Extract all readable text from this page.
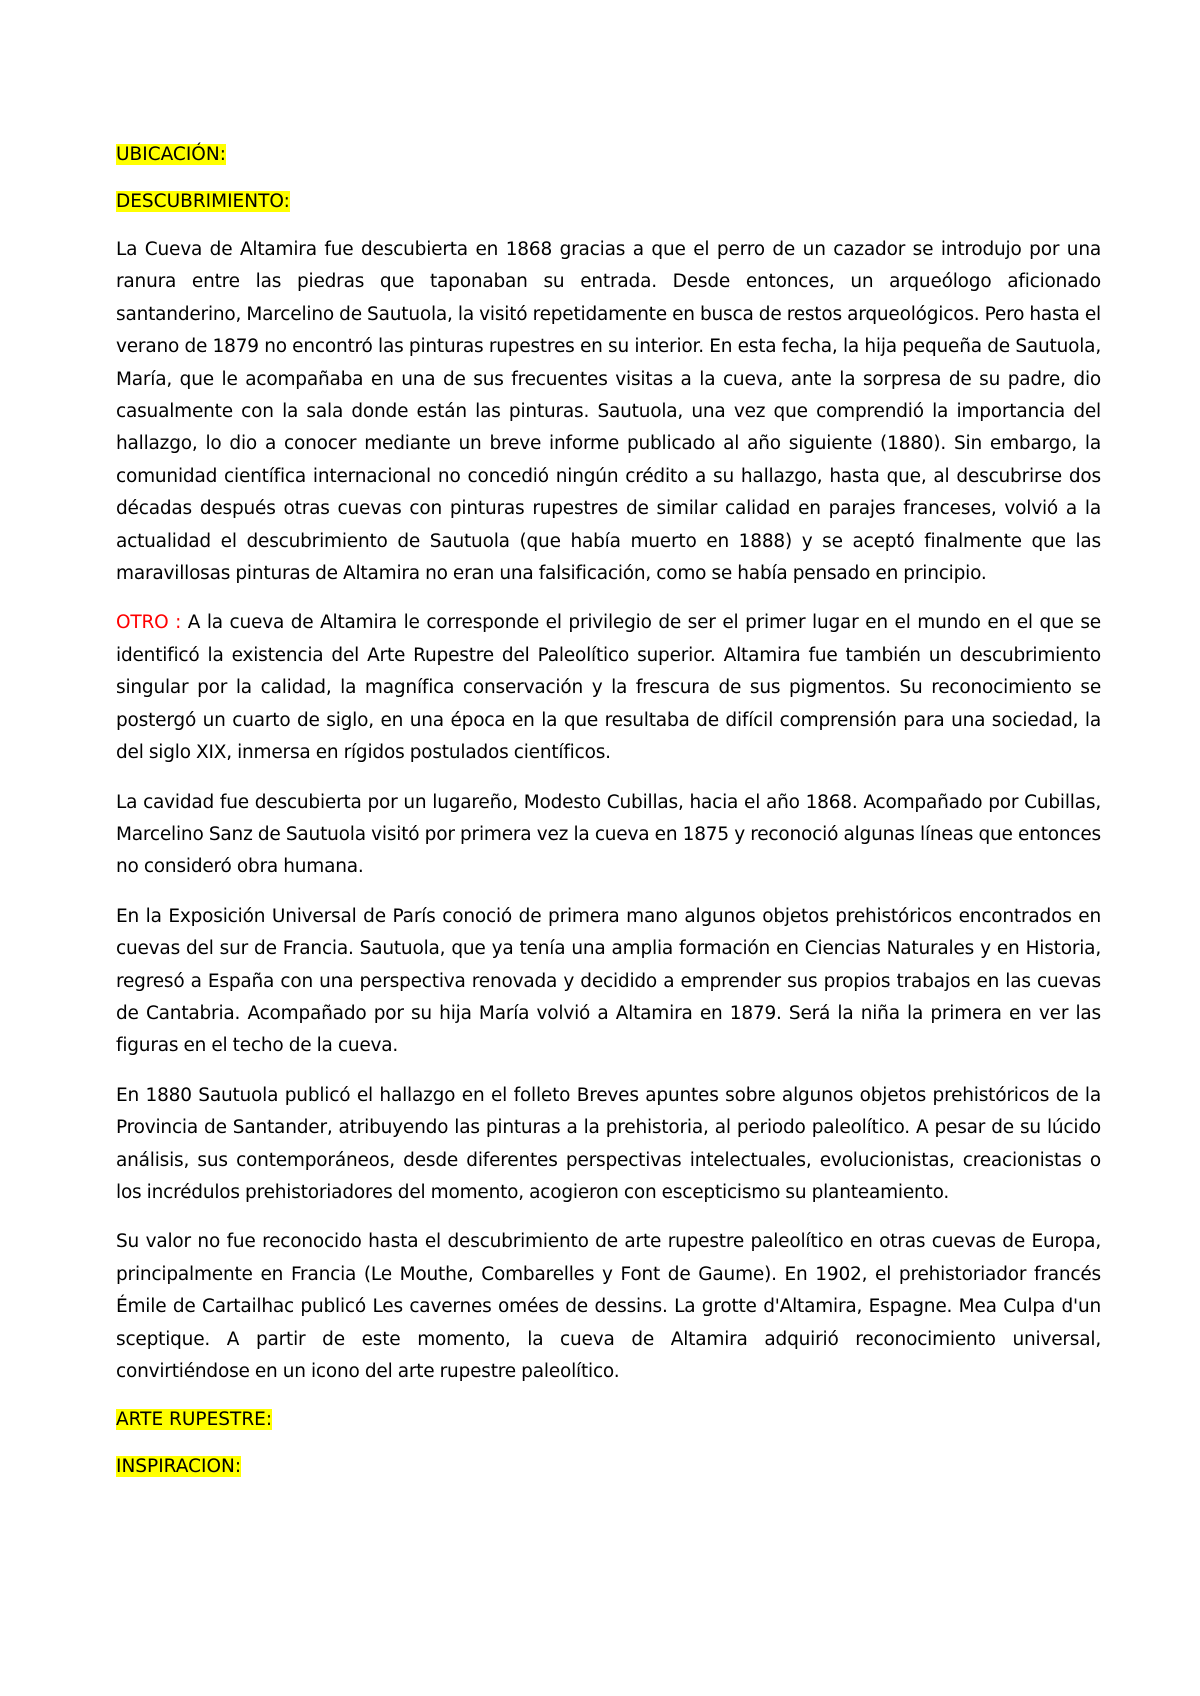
UBICACIÓN:

DESCUBRIMIENTO:

La Cueva de Altamira fue descubierta en 1868 gracias a que el perro de un cazador se introdujo por una ranura entre las piedras que taponaban su entrada. Desde entonces, un arqueólogo aficionado santanderino, Marcelino de Sautuola, la visitó repetidamente en busca de restos arqueológicos. Pero hasta el verano de 1879 no encontró las pinturas rupestres en su interior. En esta fecha, la hija pequeña de Sautuola, María, que le acompañaba en una de sus frecuentes visitas a la cueva, ante la sorpresa de su padre, dio casualmente con la sala donde están las pinturas. Sautuola, una vez que comprendió la importancia del hallazgo, lo dio a conocer mediante un breve informe publicado al año siguiente (1880). Sin embargo, la comunidad científica internacional no concedió ningún crédito a su hallazgo, hasta que, al descubrirse dos décadas después otras cuevas con pinturas rupestres de similar calidad en parajes franceses, volvió a la actualidad el descubrimiento de Sautuola (que había muerto en 1888) y se aceptó finalmente que las maravillosas pinturas de Altamira no eran una falsificación, como se había pensado en principio.

OTRO : A la cueva de Altamira le corresponde el privilegio de ser el primer lugar en el mundo en el que se identificó la existencia del Arte Rupestre del Paleolítico superior. Altamira fue también un descubrimiento singular por la calidad, la magnífica conservación y la frescura de sus pigmentos. Su reconocimiento se postergó un cuarto de siglo, en una época en la que resultaba de difícil comprensión para una sociedad, la del siglo XIX, inmersa en rígidos postulados científicos.

La cavidad fue descubierta por un lugareño, Modesto Cubillas, hacia el año 1868. Acompañado por Cubillas, Marcelino Sanz de Sautuola visitó por primera vez la cueva en 1875 y reconoció algunas líneas que entonces no consideró obra humana.

En la Exposición Universal de París conoció de primera mano algunos objetos prehistóricos encontrados en cuevas del sur de Francia. Sautuola, que ya tenía una amplia formación en Ciencias Naturales y en Historia, regresó a España con una perspectiva renovada y decidido a emprender sus propios trabajos en las cuevas de Cantabria. Acompañado por su hija María volvió a Altamira en 1879. Será la niña la primera en ver las figuras en el techo de la cueva.

En 1880 Sautuola publicó el hallazgo en el folleto Breves apuntes sobre algunos objetos prehistóricos de la Provincia de Santander, atribuyendo las pinturas a la prehistoria, al periodo paleolítico. A pesar de su lúcido análisis, sus contemporáneos, desde diferentes perspectivas intelectuales, evolucionistas, creacionistas o los incrédulos prehistoriadores del momento, acogieron con escepticismo su planteamiento.

Su valor no fue reconocido hasta el descubrimiento de arte rupestre paleolítico en otras cuevas de Europa, principalmente en Francia (Le Mouthe, Combarelles y Font de Gaume). En 1902, el prehistoriador francés Émile de Cartailhac publicó Les cavernes omées de dessins. La grotte d'Altamira, Espagne. Mea Culpa d'un sceptique. A partir de este momento, la cueva de Altamira adquirió reconocimiento universal, convirtiéndose en un icono del arte rupestre paleolítico.

ARTE RUPESTRE:

INSPIRACION:
